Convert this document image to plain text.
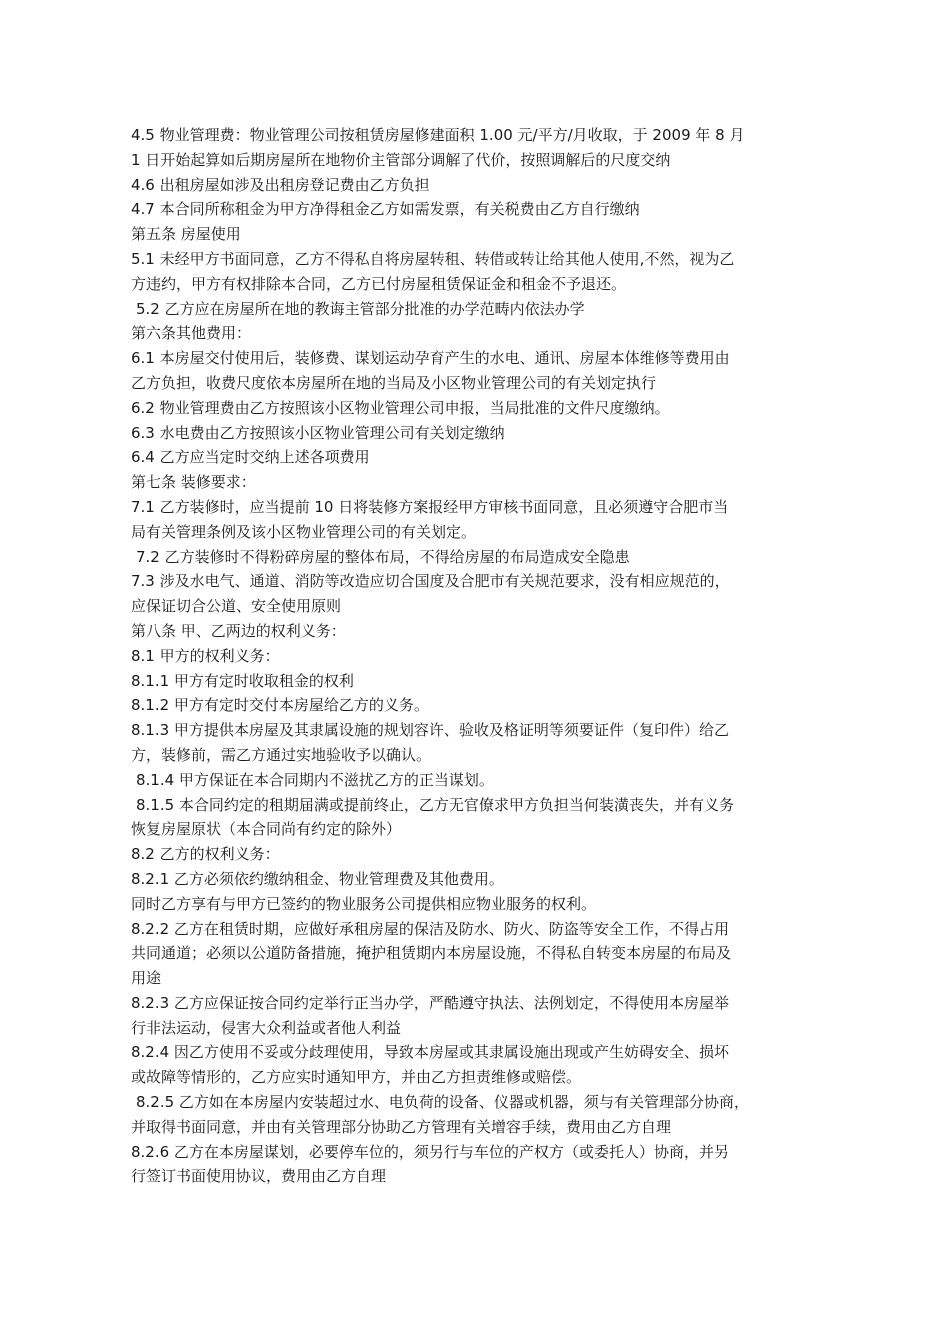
4.5 物业管理费：物业管理公司按租赁房屋修建面积 1.00 元/平方/月收取，于 2009 年 8 月
1 日开始起算如后期房屋所在地物价主管部分调解了代价，按照调解后的尺度交纳
4.6 出租房屋如涉及出租房登记费由乙方负担
4.7 本合同所称租金为甲方净得租金乙方如需发票，有关税费由乙方自行缴纳
第五条 房屋使用
5.1 未经甲方书面同意，乙方不得私自将房屋转租、转借或转让给其他人使用,不然，视为乙
方违约，甲方有权排除本合同，乙方已付房屋租赁保证金和租金不予退还。
5.2 乙方应在房屋所在地的教诲主管部分批准的办学范畴内依法办学
第六条其他费用：
6.1 本房屋交付使用后，装修费、谋划运动孕育产生的水电、通讯、房屋本体维修等费用由
乙方负担，收费尺度依本房屋所在地的当局及小区物业管理公司的有关划定执行
6.2 物业管理费由乙方按照该小区物业管理公司申报，当局批准的文件尺度缴纳。
6.3 水电费由乙方按照该小区物业管理公司有关划定缴纳
6.4 乙方应当定时交纳上述各项费用
第七条 装修要求：
7.1 乙方装修时，应当提前 10 日将装修方案报经甲方审核书面同意，且必须遵守合肥市当
局有关管理条例及该小区物业管理公司的有关划定。
7.2 乙方装修时不得粉碎房屋的整体布局，不得给房屋的布局造成安全隐患
7.3 涉及水电气、通道、消防等改造应切合国度及合肥市有关规范要求，没有相应规范的，
应保证切合公道、安全使用原则
第八条 甲、乙两边的权利义务：
8.1 甲方的权利义务：
8.1.1 甲方有定时收取租金的权利
8.1.2 甲方有定时交付本房屋给乙方的义务。
8.1.3 甲方提供本房屋及其隶属设施的规划容许、验收及格证明等须要证件（复印件）给乙
方，装修前，需乙方通过实地验收予以确认。
8.1.4 甲方保证在本合同期内不滋扰乙方的正当谋划。
8.1.5 本合同约定的租期届满或提前终止，乙方无官僚求甲方负担当何装潢丧失，并有义务
恢复房屋原状（本合同尚有约定的除外）
8.2 乙方的权利义务：
8.2.1 乙方必须依约缴纳租金、物业管理费及其他费用。
同时乙方享有与甲方已签约的物业服务公司提供相应物业服务的权利。
8.2.2 乙方在租赁时期，应做好承租房屋的保洁及防水、防火、防盗等安全工作，不得占用
共同通道；必须以公道防备措施，掩护租赁期内本房屋设施，不得私自转变本房屋的布局及
用途
8.2.3 乙方应保证按合同约定举行正当办学，严酷遵守执法、法例划定，不得使用本房屋举
行非法运动，侵害大众利益或者他人利益
8.2.4 因乙方使用不妥或分歧理使用，导致本房屋或其隶属设施出现或产生妨碍安全、损坏
或故障等情形的，乙方应实时通知甲方，并由乙方担责维修或赔偿。
8.2.5 乙方如在本房屋内安装超过水、电负荷的设备、仪器或机器，须与有关管理部分协商，
并取得书面同意，并由有关管理部分协助乙方管理有关增容手续，费用由乙方自理
8.2.6 乙方在本房屋谋划，必要停车位的，须另行与车位的产权方（或委托人）协商，并另
行签订书面使用协议，费用由乙方自理
